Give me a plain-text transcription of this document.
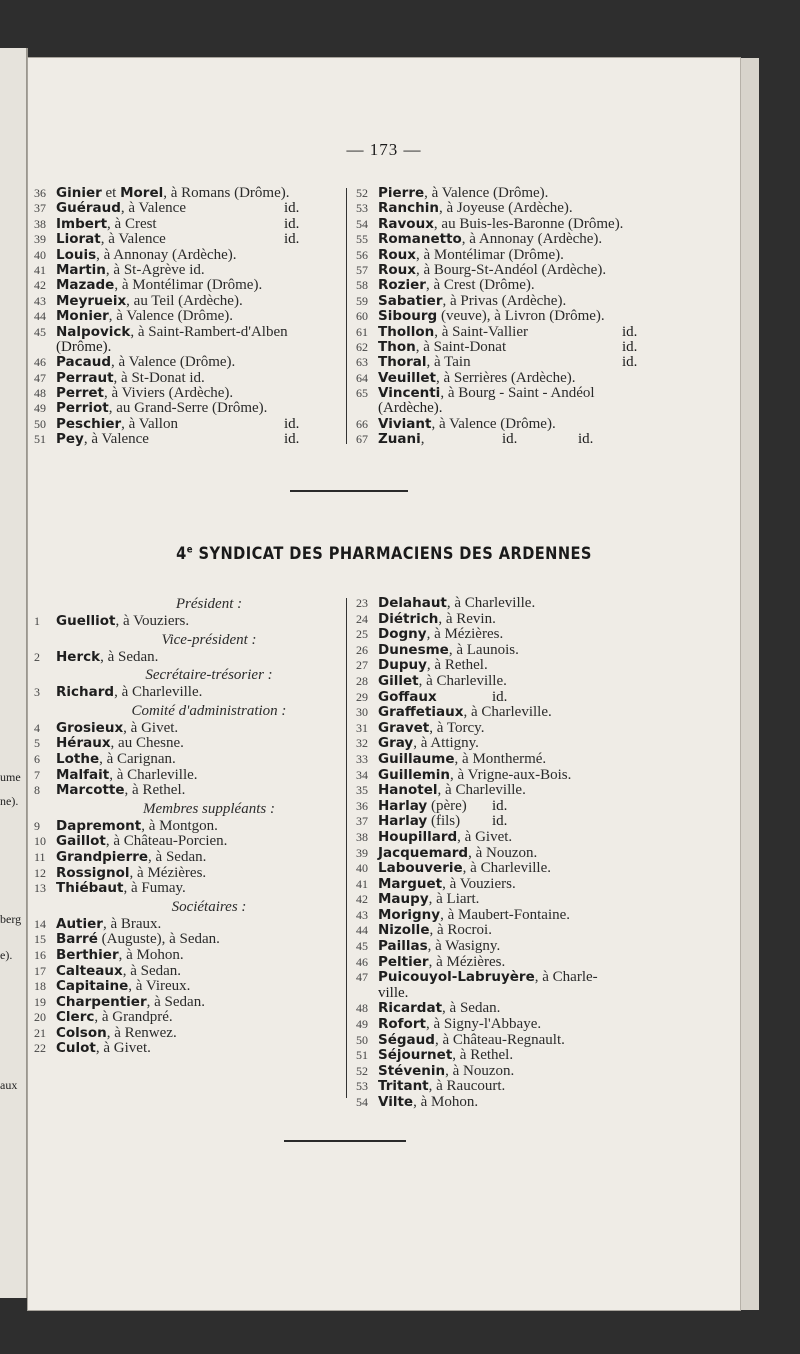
ume
ne).
berg
e).
aux
— 173 —
36 Ginier et Morel, à Romans (Drôme).
37 Guéraud, à Valence	id.
38 Imbert, à Crest	id.
39 Liorat, à Valence	id.
40 Louis, à Annonay (Ardèche).
41 Martin, à St-Agrève id.
42 Mazade, à Montélimar (Drôme).
43 Meyrueix, au Teil (Ardèche).
44 Monier, à Valence (Drôme).
45 Nalpovick, à Saint-Rambert-d'Alben
(Drôme).
46 Pacaud, à Valence (Drôme).
47 Perraut, à St-Donat id.
48 Perret, à Viviers (Ardèche).
49 Perriot, au Grand-Serre (Drôme).
50 Peschier, à Vallon	id.
51 Pey, à Valence	id.
52 Pierre, à Valence (Drôme).
53 Ranchin, à Joyeuse (Ardèche).
54 Ravoux, au Buis-les-Baronne (Drôme).
55 Romanetto, à Annonay (Ardèche).
56 Roux, à Montélimar (Drôme).
57 Roux, à Bourg-St-Andéol (Ardèche).
58 Rozier, à Crest (Drôme).
59 Sabatier, à Privas (Ardèche).
60 Sibourg (veuve), à Livron (Drôme).
61 Thollon, à Saint-Vallier	id.
62 Thon, à Saint-Donat	id.
63 Thoral, à Tain	id.
64 Veuillet, à Serrières (Ardèche).
65 Vincenti, à Bourg - Saint - Andéol
(Ardèche).
66 Viviant, à Valence (Drôme).
67 Zuani,	id.	id.
4e SYNDICAT DES PHARMACIENS DES ARDENNES
Président :
1 Guelliot, à Vouziers.
Vice-président :
2 Herck, à Sedan.
Secrétaire-trésorier :
3 Richard, à Charleville.
Comité d'administration :
4 Grosieux, à Givet.
5 Héraux, au Chesne.
6 Lothe, à Carignan.
7 Malfait, à Charleville.
8 Marcotte, à Rethel.
Membres suppléants :
9 Dapremont, à Montgon.
10 Gaillot, à Château-Porcien.
11 Grandpierre, à Sedan.
12 Rossignol, à Mézières.
13 Thiébaut, à Fumay.
Sociétaires :
14 Autier, à Braux.
15 Barré (Auguste), à Sedan.
16 Berthier, à Mohon.
17 Calteaux, à Sedan.
18 Capitaine, à Vireux.
19 Charpentier, à Sedan.
20 Clerc, à Grandpré.
21 Colson, à Renwez.
22 Culot, à Givet.
23 Delahaut, à Charleville.
24 Diétrich, à Revin.
25 Dogny, à Mézières.
26 Dunesme, à Launois.
27 Dupuy, à Rethel.
28 Gillet, à Charleville.
29 Goffaux	id.
30 Graffetiaux, à Charleville.
31 Gravet, à Torcy.
32 Gray, à Attigny.
33 Guillaume, à Monthermé.
34 Guillemin, à Vrigne-aux-Bois.
35 Hanotel, à Charleville.
36 Harlay (père) id.
37 Harlay (fils) id.
38 Houpillard, à Givet.
39 Jacquemard, à Nouzon.
40 Labouverie, à Charleville.
41 Marguet, à Vouziers.
42 Maupy, à Liart.
43 Morigny, à Maubert-Fontaine.
44 Nizolle, à Rocroi.
45 Paillas, à Wasigny.
46 Peltier, à Mézières.
47 Puicouyol-Labruyère, à Charle-
ville.
48 Ricardat, à Sedan.
49 Rofort, à Signy-l'Abbaye.
50 Ségaud, à Château-Regnault.
51 Séjournet, à Rethel.
52 Stévenin, à Nouzon.
53 Tritant, à Raucourt.
54 Vilte, à Mohon.
